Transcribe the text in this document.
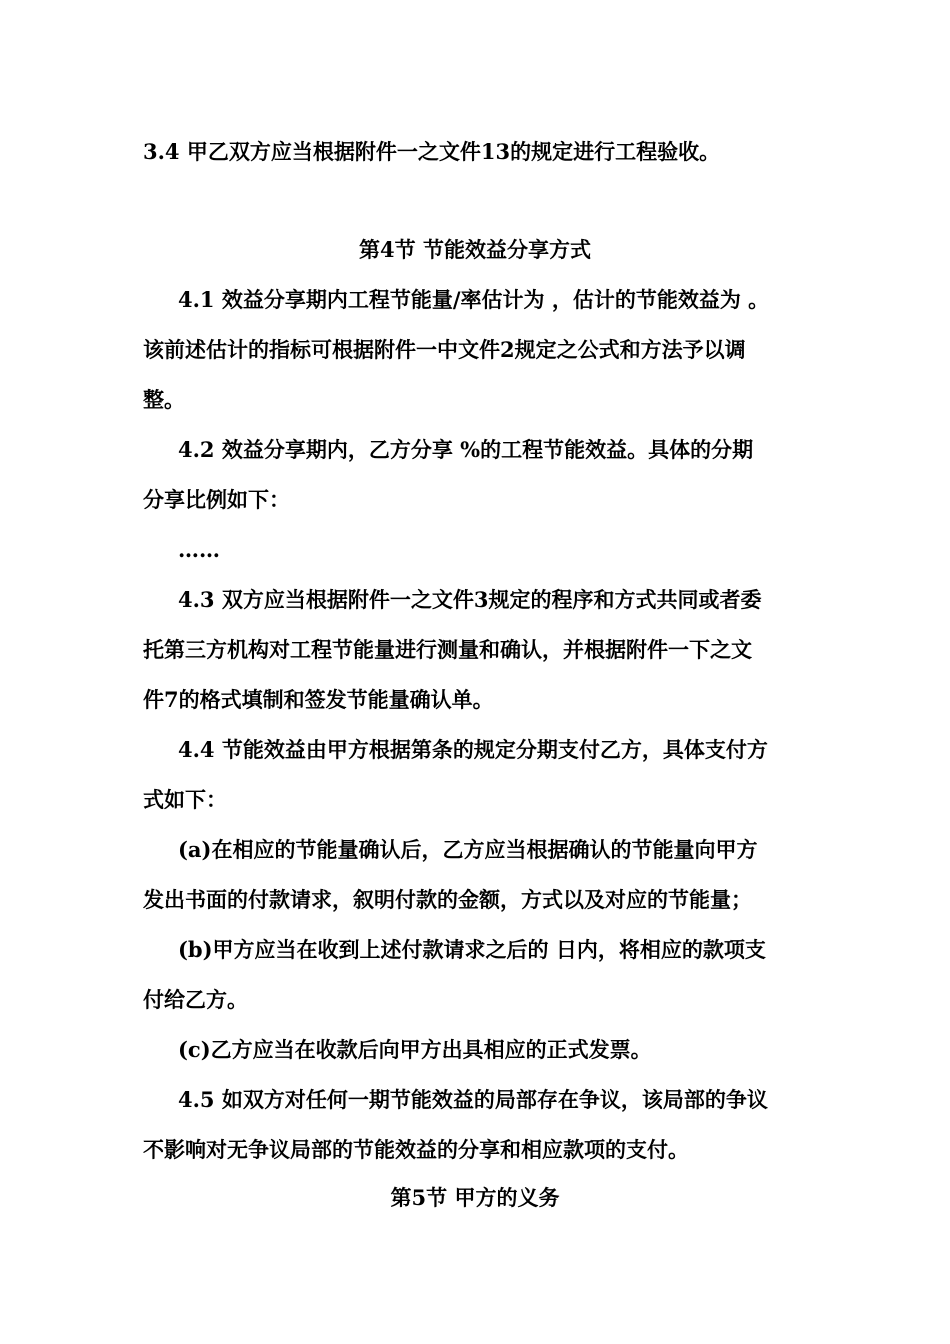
3.4 甲乙双方应当根据附件一之文件13的规定进行工程验收。
第4节 节能效益分享方式
4.1 效益分享期内工程节能量/率估计为 ，估计的节能效益为 。
该前述估计的指标可根据附件一中文件2规定之公式和方法予以调
整。
4.2 效益分享期内，乙方分享 %的工程节能效益。具体的分期
分享比例如下：
……
4.3 双方应当根据附件一之文件3规定的程序和方式共同或者委
托第三方机构对工程节能量进行测量和确认，并根据附件一下之文
件7的格式填制和签发节能量确认单。
4.4 节能效益由甲方根据第条的规定分期支付乙方，具体支付方
式如下：
(a)在相应的节能量确认后，乙方应当根据确认的节能量向甲方
发出书面的付款请求，叙明付款的金额，方式以及对应的节能量；
(b)甲方应当在收到上述付款请求之后的 日内，将相应的款项支
付给乙方。
(c)乙方应当在收款后向甲方出具相应的正式发票。
4.5 如双方对任何一期节能效益的局部存在争议，该局部的争议
不影响对无争议局部的节能效益的分享和相应款项的支付。
第5节 甲方的义务
